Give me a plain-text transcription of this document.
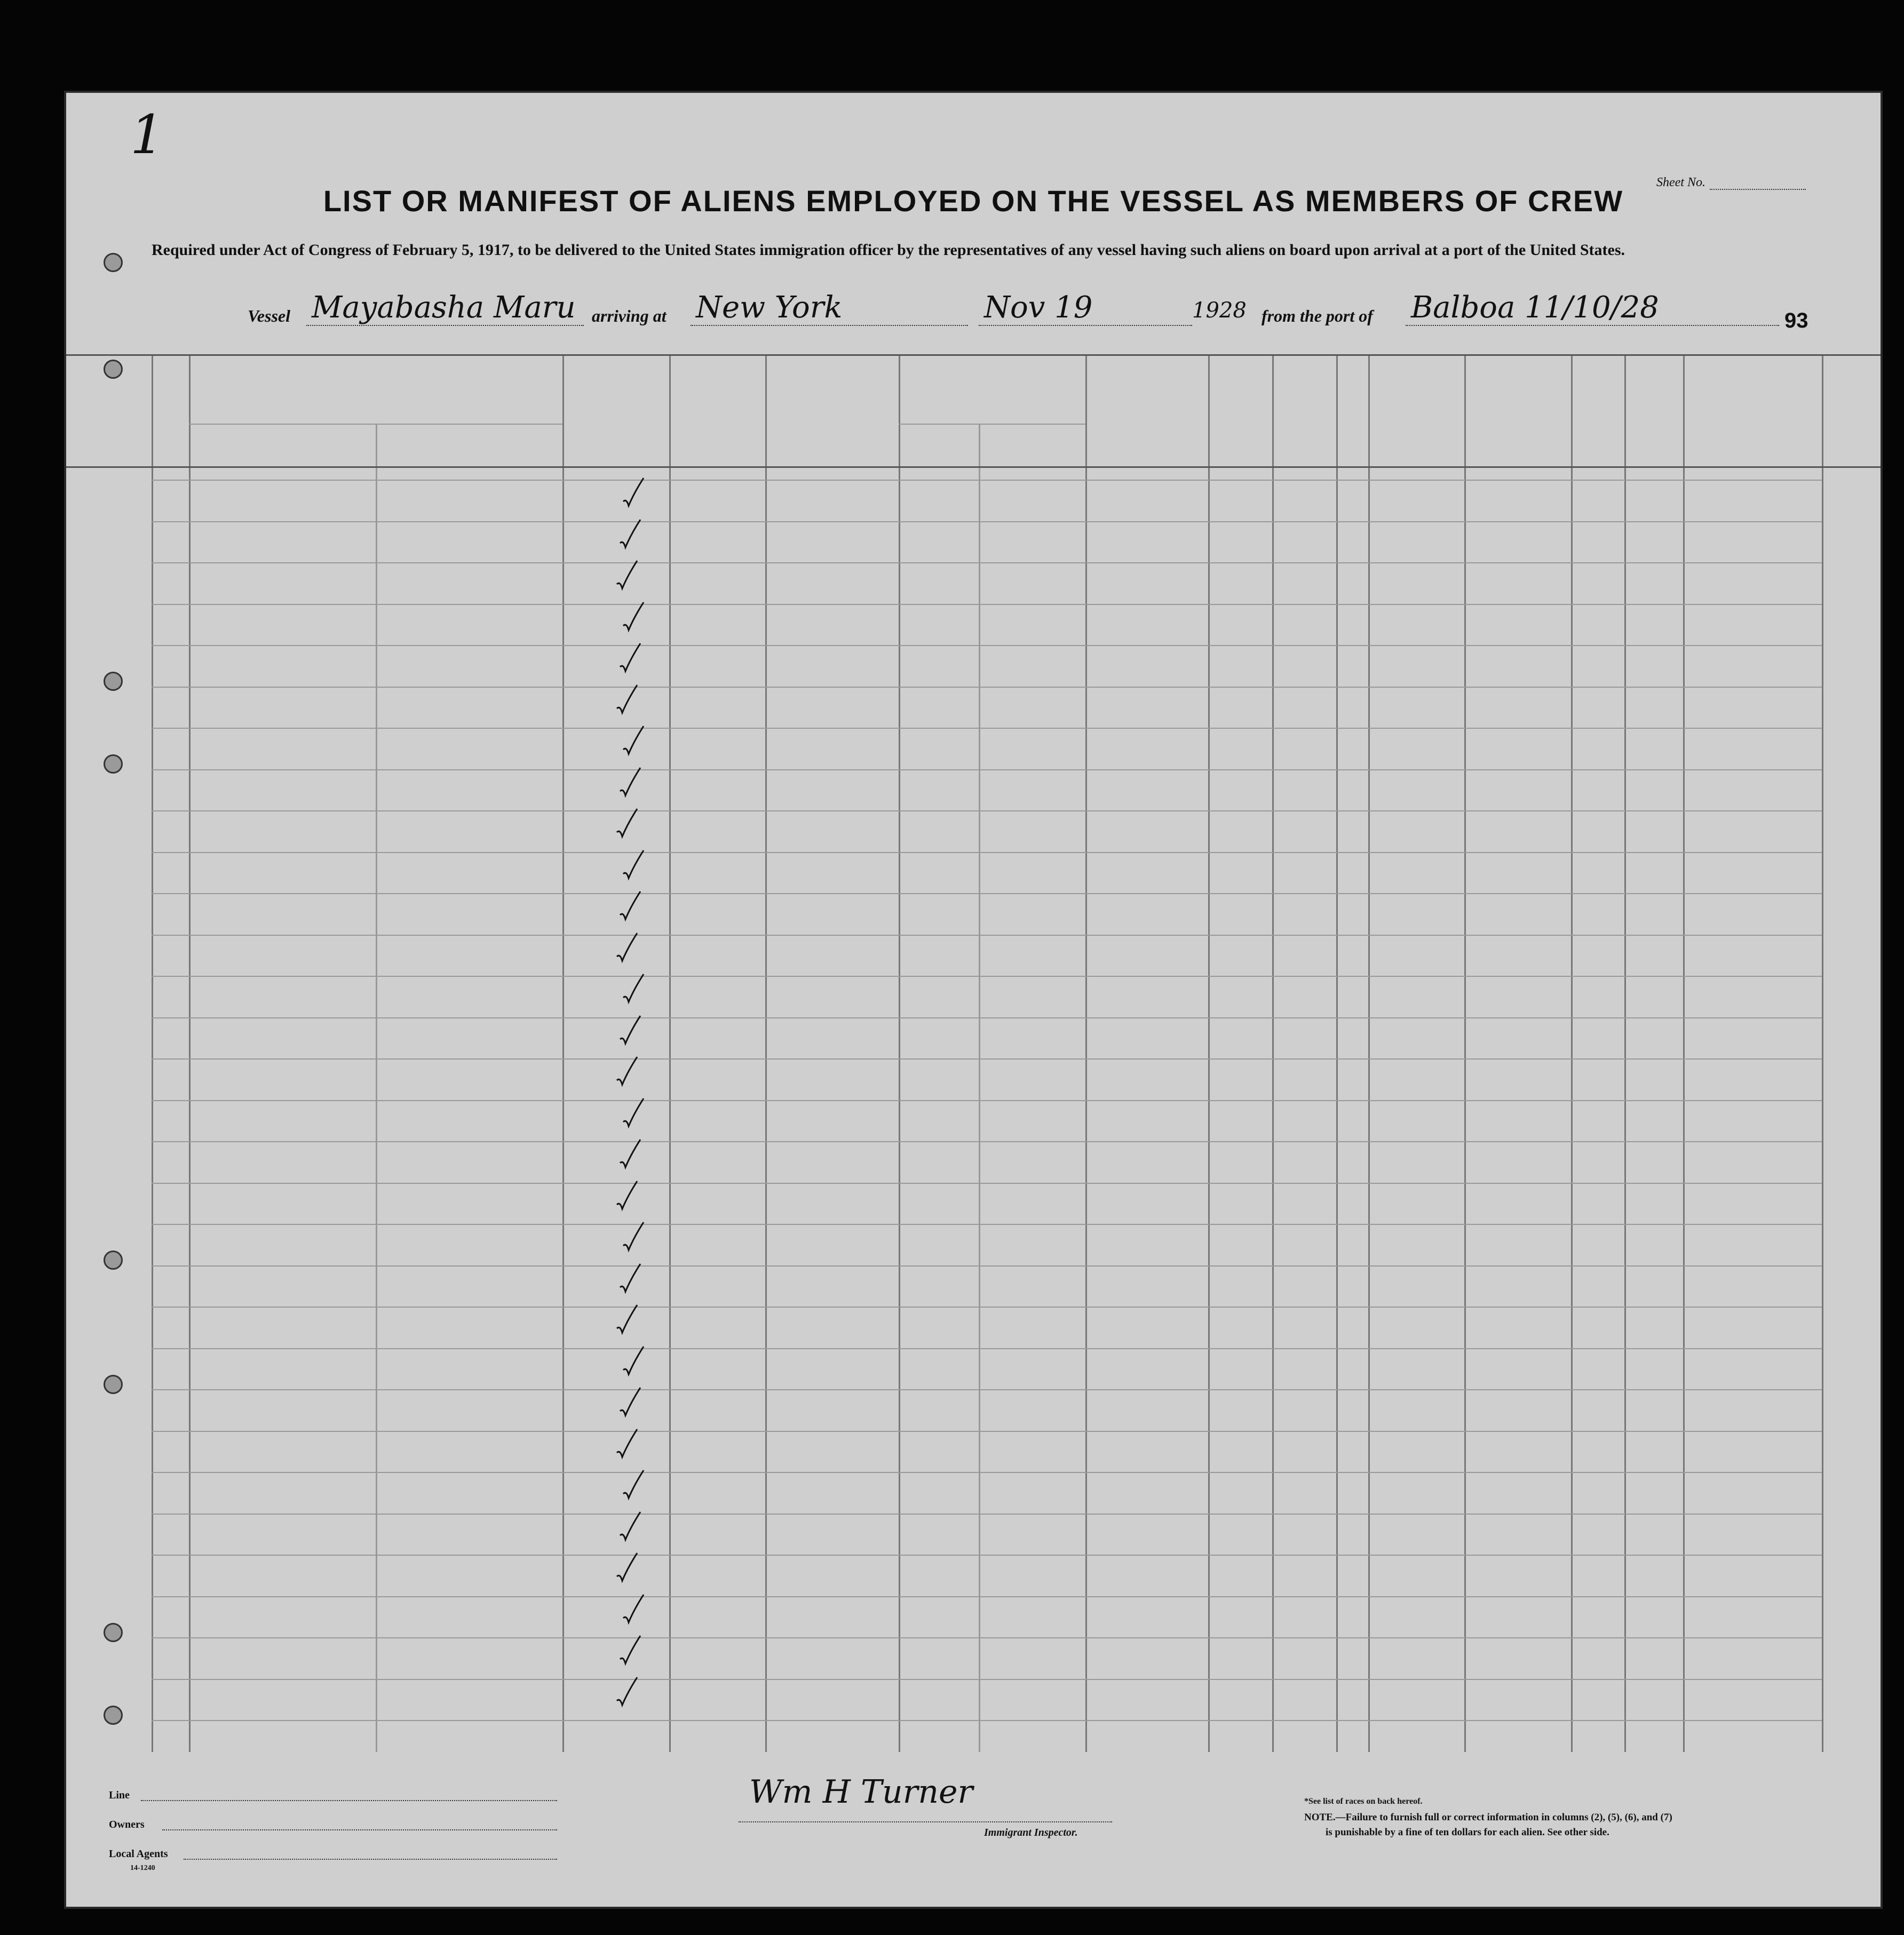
1
Sheet No.
LIST OR MANIFEST OF ALIENS EMPLOYED ON THE VESSEL AS MEMBERS OF CREW
Required under Act of Congress of February 5, 1917, to be delivered to the United States immigration officer by the representatives of any vessel having such aliens on board upon arrival at a port of the United States.
Vessel Mayabasha Maru arriving at New York	Nov 19	1928 from the port of Balboa 11/10/28	93
Line
Owners
Local Agents
14-1240
Wm H Turner
Immigrant Inspector.
*See list of races on back hereof.
NOTE.—Failure to furnish full or correct information in columns (2), (5), (6), and (7)
is punishable by a fine of ten dollars for each alien. See other side.
